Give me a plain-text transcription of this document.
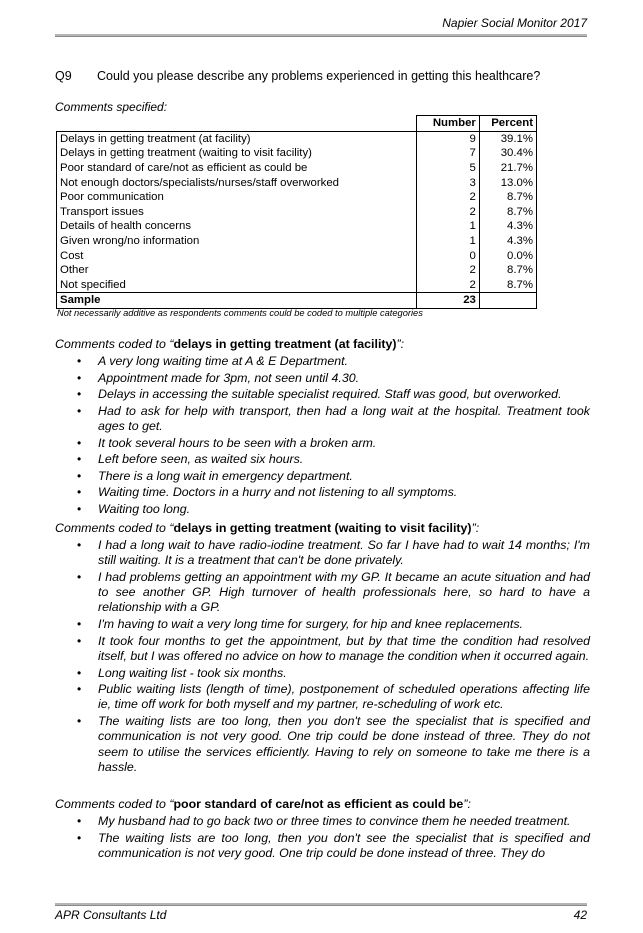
Napier Social Monitor 2017
Q9 Could you please describe any problems experienced in getting this healthcare?
Comments specified:
	Number	Percent
Delays in getting treatment (at facility)	9	39.1%
Delays in getting treatment (waiting to visit facility)	7	30.4%
Poor standard of care/not as efficient as could be	5	21.7%
Not enough doctors/specialists/nurses/staff overworked	3	13.0%
Poor communication	2	8.7%
Transport issues	2	8.7%
Details of health concerns	1	4.3%
Given wrong/no information	1	4.3%
Cost	0	0.0%
Other	2	8.7%
Not specified	2	8.7%
Sample	23	
Not necessarily additive as respondents comments could be coded to multiple categories
Comments coded to “delays in getting treatment (at facility)”:
• A very long waiting time at A & E Department.
• Appointment made for 3pm, not seen until 4.30.
• Delays in accessing the suitable specialist required. Staff was good, but overworked.
• Had to ask for help with transport, then had a long wait at the hospital. Treatment took ages to get.
• It took several hours to be seen with a broken arm.
• Left before seen, as waited six hours.
• There is a long wait in emergency department.
• Waiting time. Doctors in a hurry and not listening to all symptoms.
• Waiting too long.
Comments coded to “delays in getting treatment (waiting to visit facility)”:
• I had a long wait to have radio-iodine treatment. So far I have had to wait 14 months; I'm still waiting. It is a treatment that can't be done privately.
• I had problems getting an appointment with my GP. It became an acute situation and had to see another GP. High turnover of health professionals here, so hard to have a relationship with a GP.
• I'm having to wait a very long time for surgery, for hip and knee replacements.
• It took four months to get the appointment, but by that time the condition had resolved itself, but I was offered no advice on how to manage the condition when it occurred again.
• Long waiting list - took six months.
• Public waiting lists (length of time), postponement of scheduled operations affecting life ie, time off work for both myself and my partner, re-scheduling of work etc.
• The waiting lists are too long, then you don't see the specialist that is specified and communication is not very good. One trip could be done instead of three. They do not seem to utilise the services efficiently. Having to rely on someone to take me there is a hassle.
Comments coded to “poor standard of care/not as efficient as could be”:
• My husband had to go back two or three times to convince them he needed treatment.
• The waiting lists are too long, then you don't see the specialist that is specified and communication is not very good. One trip could be done instead of three. They do
APR Consultants Ltd	42
